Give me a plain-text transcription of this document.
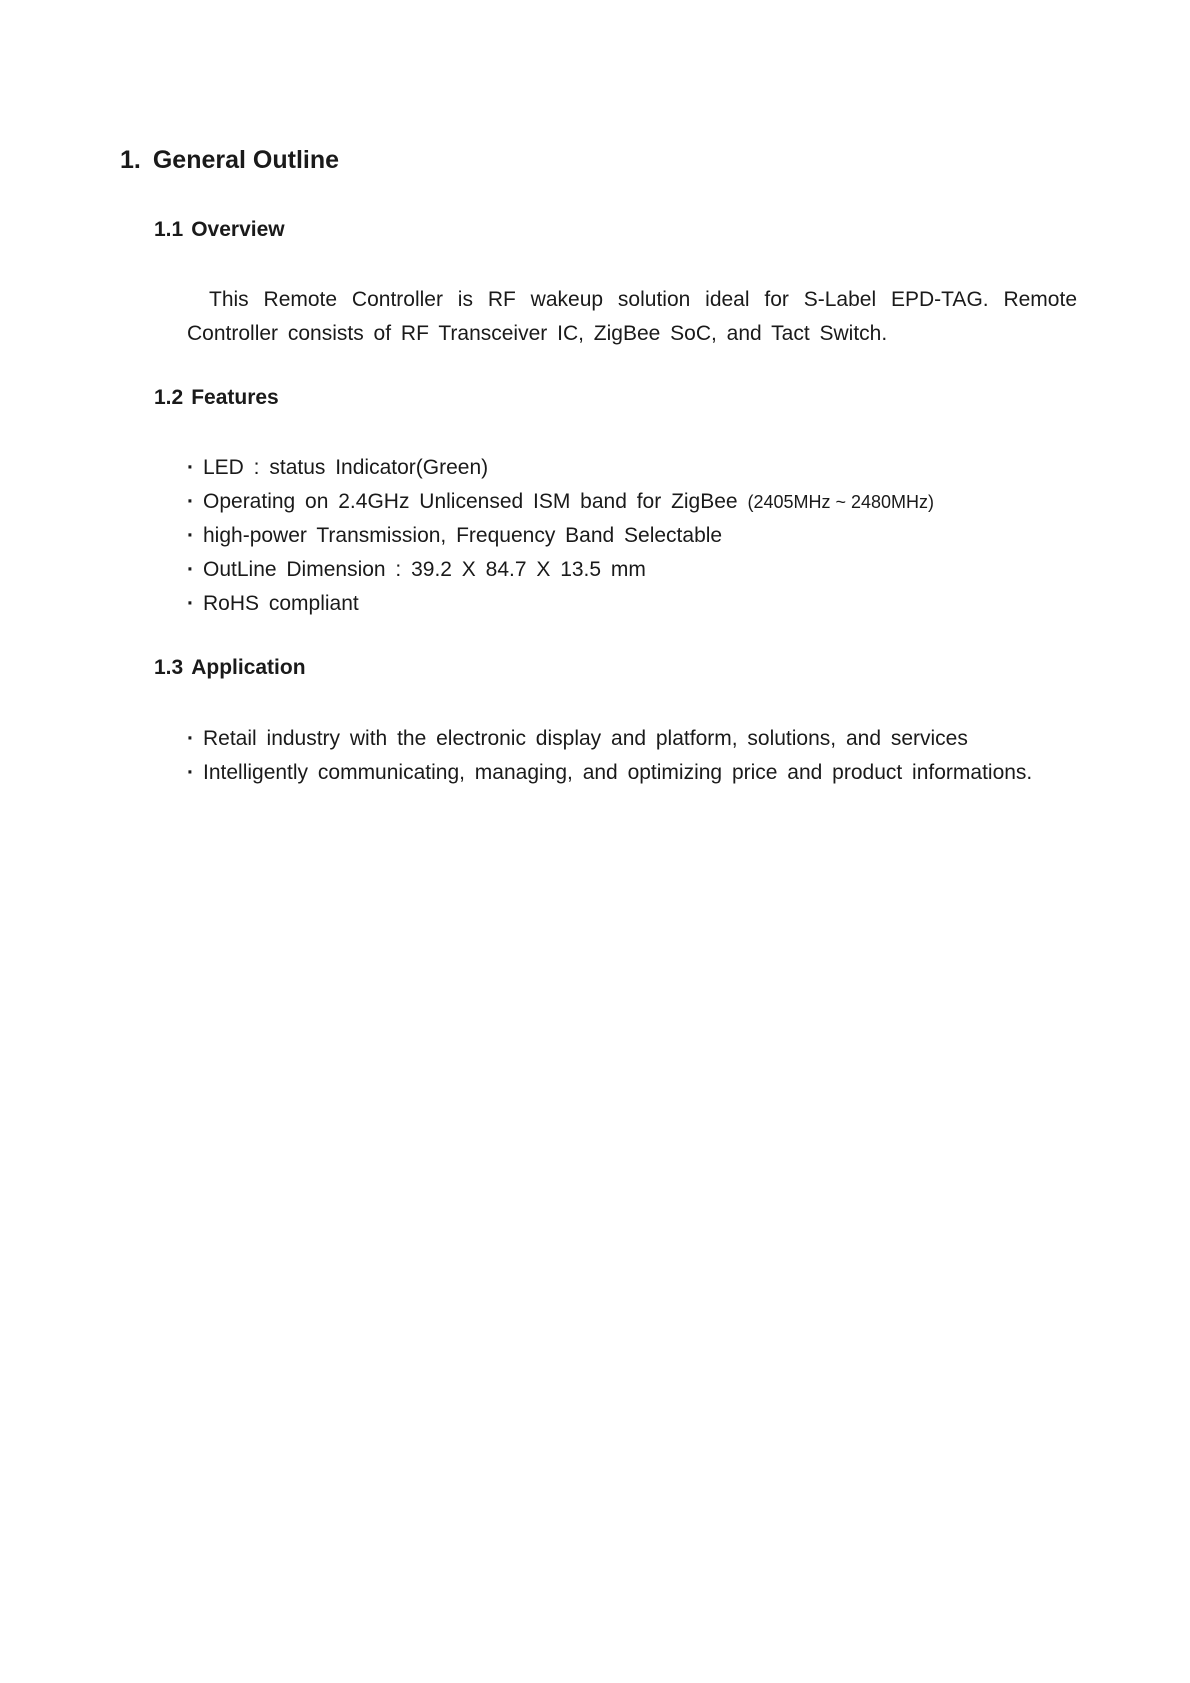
1. General Outline
1.1 Overview
This Remote Controller is RF wakeup solution ideal for S-Label EPD-TAG. Remote Controller consists of RF Transceiver IC, ZigBee SoC, and Tact Switch.
1.2 Features
· LED : status Indicator(Green)
· Operating on 2.4GHz Unlicensed ISM band for ZigBee (2405MHz ~ 2480MHz)
· high-power Transmission, Frequency Band Selectable
· OutLine Dimension : 39.2 X 84.7 X 13.5 mm
· RoHS compliant
1.3 Application
· Retail industry with the electronic display and platform, solutions, and services
· Intelligently communicating, managing, and optimizing price and product informations.
